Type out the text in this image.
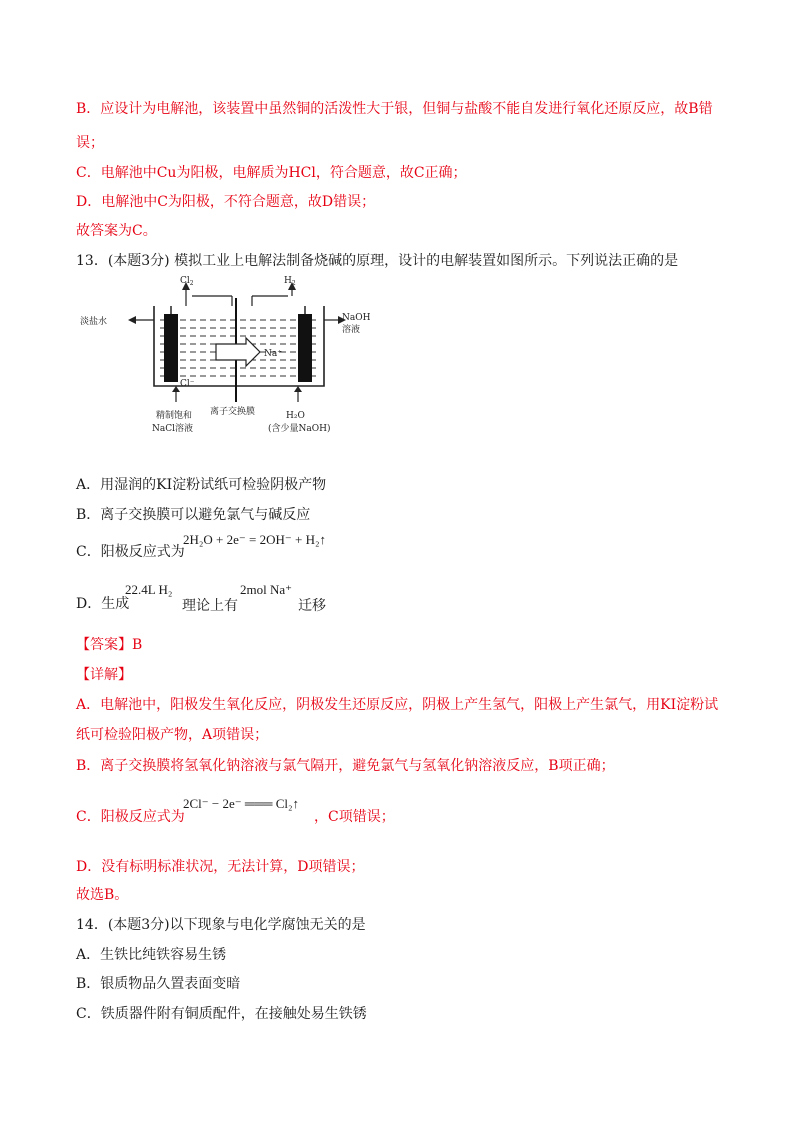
B．应设计为电解池，该装置中虽然铜的活泼性大于银，但铜与盐酸不能自发进行氧化还原反应，故B错
误；
C．电解池中Cu为阳极，电解质为HCl，符合题意，故C正确；
D．电解池中C为阳极，不符合题意，故D错误；
故答案为C。
13．(本题3分) 模拟工业上电解法制备烧碱的原理，设计的电解装置如图所示。下列说法正确的是
$Cl_2$	$H_2$
淡盐水	NaOH
溶液
Na⁺
Cl⁻
精制饱和
NaCl溶液
离子交换膜	H₂O
(含少量NaOH)
A．用湿润的KI淀粉试纸可检验阴极产物
B．离子交换膜可以避免氯气与碱反应
C．阳极反应式为
2H₂O + 2e⁻ = 2OH⁻ + H₂↑
D．生成
22.4L H₂
理论上有
2mol Na⁺
迁移
【答案】B
【详解】
A．电解池中，阳极发生氧化反应，阴极发生还原反应，阴极上产生氢气，阳极上产生氯气，用KI淀粉试
纸可检验阳极产物，A项错误；
B．离子交换膜将氢氧化钠溶液与氯气隔开，避免氯气与氢氧化钠溶液反应，B项正确；
C．阳极反应式为
2Cl⁻ − 2e⁻ ═══ Cl₂↑
，C项错误；
D．没有标明标准状况，无法计算，D项错误；
故选B。
14．(本题3分)以下现象与电化学腐蚀无关的是
A．生铁比纯铁容易生锈
B．银质物品久置表面变暗
C．铁质器件附有铜质配件，在接触处易生铁锈
